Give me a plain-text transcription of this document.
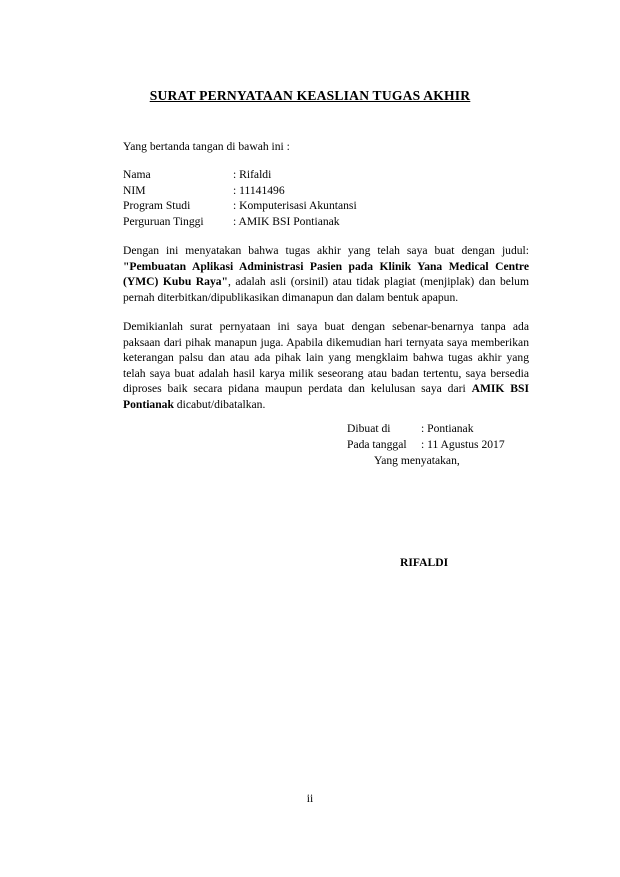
SURAT PERNYATAAN KEASLIAN TUGAS AKHIR
Yang bertanda tangan di bawah ini :
Nama	: Rifaldi
NIM	: 11141496
Program Studi	: Komputerisasi Akuntansi
Perguruan Tinggi	: AMIK BSI Pontianak
Dengan ini menyatakan bahwa tugas akhir yang telah saya buat dengan judul: "Pembuatan Aplikasi Administrasi Pasien pada Klinik Yana Medical Centre (YMC) Kubu Raya", adalah asli (orsinil) atau tidak plagiat (menjiplak) dan belum pernah diterbitkan/dipublikasikan dimanapun dan dalam bentuk apapun.
Demikianlah surat pernyataan ini saya buat dengan sebenar-benarnya tanpa ada paksaan dari pihak manapun juga. Apabila dikemudian hari ternyata saya memberikan keterangan palsu dan atau ada pihak lain yang mengklaim bahwa tugas akhir yang telah saya buat adalah hasil karya milik seseorang atau badan tertentu, saya bersedia diproses baik secara pidana maupun perdata dan kelulusan saya dari AMIK BSI Pontianak dicabut/dibatalkan.
Dibuat di	: Pontianak
Pada tanggal	: 11 Agustus 2017
Yang menyatakan,
RIFALDI
ii
